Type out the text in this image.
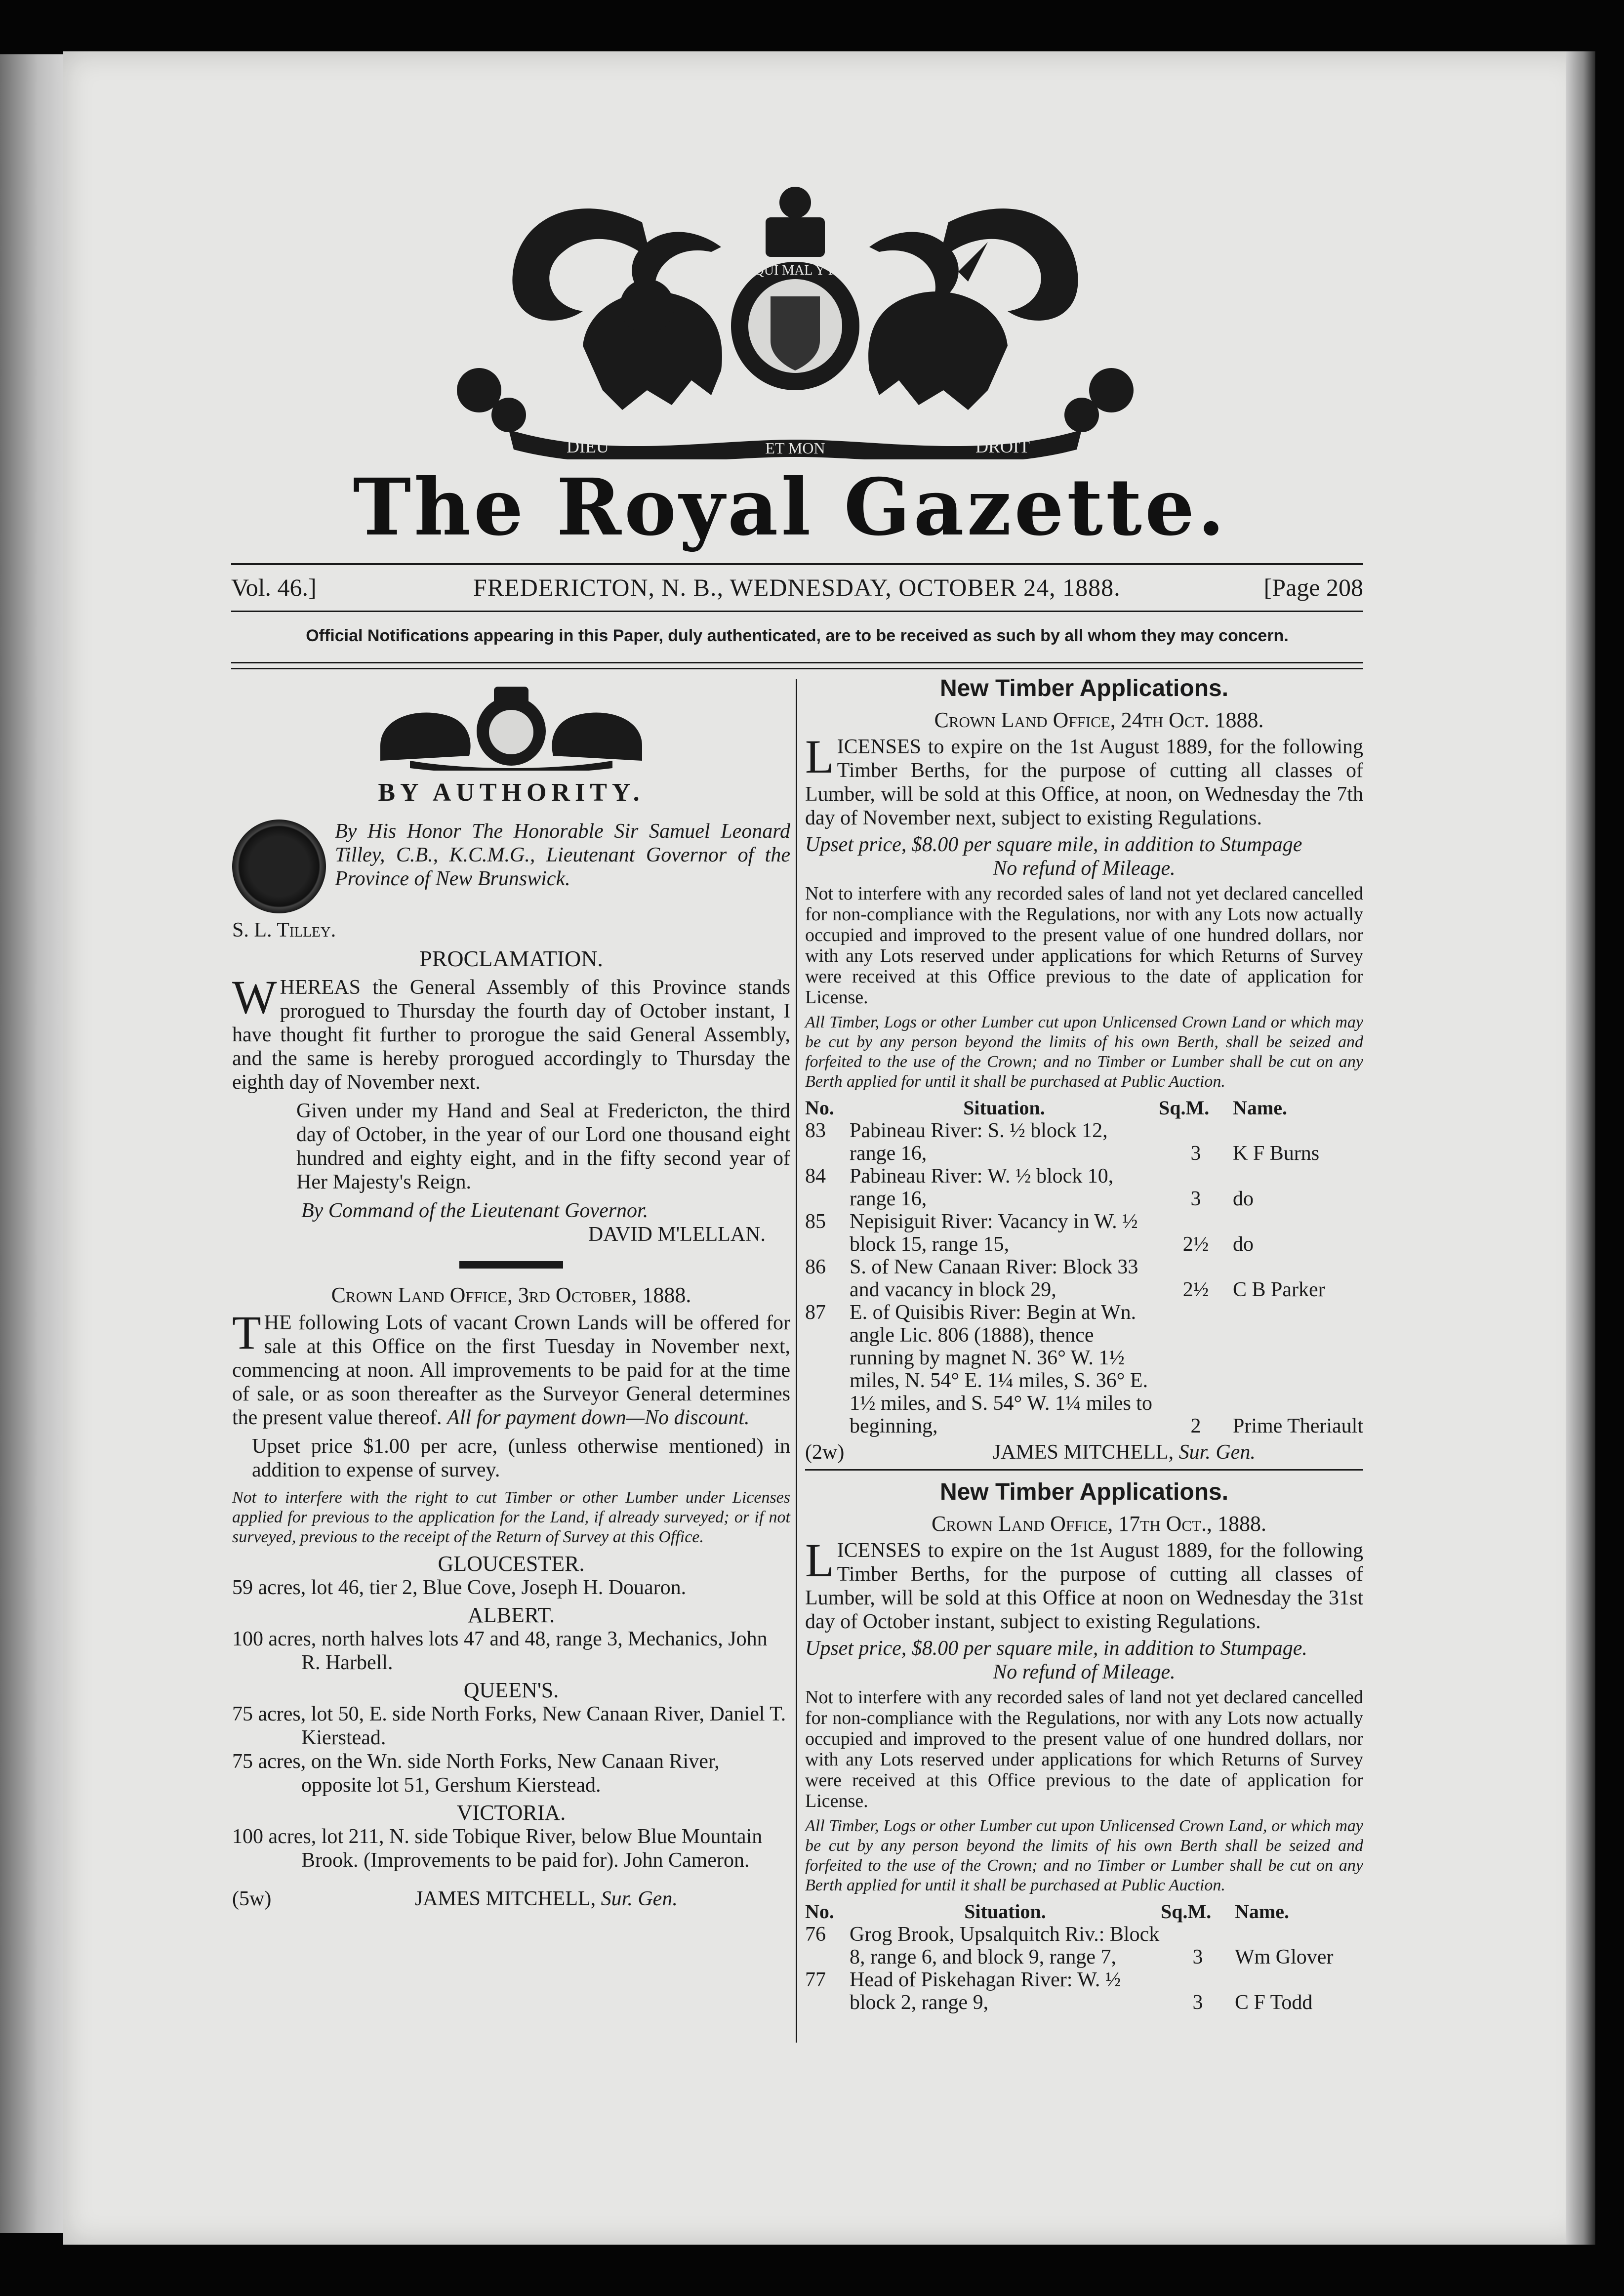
SOIT QUI MAL Y PENSE
DIEU	ET MON	DROIT
The Royal Gazette.
Vol. 46.]	FREDERICTON, N. B., WEDNESDAY, OCTOBER 24, 1888.	[Page 208
Official Notifications appearing in this Paper, duly authenticated, are to be received as such by all whom they may concern.

BY AUTHORITY.

By His Honor The Honorable Sir Samuel Leonard Tilley, C.B., K.C.M.G., Lieutenant Governor of the Province of New Brunswick.

S. L. Tilley.

PROCLAMATION.

WHEREAS the General Assembly of this Province stands prorogued to Thursday the fourth day of October instant, I have thought fit further to prorogue the said General Assembly, and the same is hereby prorogued accordingly to Thursday the eighth day of November next.

Given under my Hand and Seal at Fredericton, the third day of October, in the year of our Lord one thousand eight hundred and eighty eight, and in the fifty second year of Her Majesty's Reign.

By Command of the Lieutenant Governor.

DAVID M'LELLAN.

Crown Land Office, 3rd October, 1888.

THE following Lots of vacant Crown Lands will be offered for sale at this Office on the first Tuesday in November next, commencing at noon. All improvements to be paid for at the time of sale, or as soon thereafter as the Surveyor General determines the present value thereof. All for payment down—No discount.

Upset price $1.00 per acre, (unless otherwise mentioned) in addition to expense of survey.

Not to interfere with the right to cut Timber or other Lumber under Licenses applied for previous to the application for the Land, if already surveyed; or if not surveyed, previous to the receipt of the Return of Survey at this Office.

GLOUCESTER.

59 acres, lot 46, tier 2, Blue Cove, Joseph H. Douaron.

ALBERT.

100 acres, north halves lots 47 and 48, range 3, Mechanics, John R. Harbell.

QUEEN'S.

75 acres, lot 50, E. side North Forks, New Canaan River, Daniel T. Kierstead.

75 acres, on the Wn. side North Forks, New Canaan River, opposite lot 51, Gershum Kierstead.

VICTORIA.

100 acres, lot 211, N. side Tobique River, below Blue Mountain Brook. (Improvements to be paid for). John Cameron.

(5w)	JAMES MITCHELL, Sur. Gen.

New Timber Applications.

Crown Land Office, 24th Oct. 1888.

LICENSES to expire on the 1st August 1889, for the following Timber Berths, for the purpose of cutting all classes of Lumber, will be sold at this Office, at noon, on Wednesday the 7th day of November next, subject to existing Regulations.

Upset price, $8.00 per square mile, in addition to Stumpage

No refund of Mileage.

Not to interfere with any recorded sales of land not yet declared cancelled for non-compliance with the Regulations, nor with any Lots now actually occupied and improved to the present value of one hundred dollars, nor with any Lots reserved under applications for which Returns of Survey were received at this Office previous to the date of application for License.

All Timber, Logs or other Lumber cut upon Unlicensed Crown Land or which may be cut by any person beyond the limits of his own Berth, shall be seized and forfeited to the use of the Crown; and no Timber or Lumber shall be cut on any Berth applied for until it shall be purchased at Public Auction.

No.	Situation.	Sq.M.	Name.
83	Pabineau River: S. ½ block 12, range 16,	3	K F Burns
84	Pabineau River: W. ½ block 10, range 16,	3	do
85	Nepisiguit River: Vacancy in W. ½ block 15, range 15,	2½	do
86	S. of New Canaan River: Block 33 and vacancy in block 29,	2½	C B Parker
87	E. of Quisibis River: Begin at Wn. angle Lic. 806 (1888), thence running by magnet N. 36° W. 1½ miles, N. 54° E. 1¼ miles, S. 36° E. 1½ miles, and S. 54° W. 1¼ miles to beginning,	2	Prime Theriault

(2w)	JAMES MITCHELL, Sur. Gen.

New Timber Applications.

Crown Land Office, 17th Oct., 1888.

LICENSES to expire on the 1st August 1889, for the following Timber Berths, for the purpose of cutting all classes of Lumber, will be sold at this Office at noon on Wednesday the 31st day of October instant, subject to existing Regulations.

Upset price, $8.00 per square mile, in addition to Stumpage.

No refund of Mileage.

Not to interfere with any recorded sales of land not yet declared cancelled for non-compliance with the Regulations, nor with any Lots now actually occupied and improved to the present value of one hundred dollars, nor with any Lots reserved under applications for which Returns of Survey were received at this Office previous to the date of application for License.

All Timber, Logs or other Lumber cut upon Unlicensed Crown Land, or which may be cut by any person beyond the limits of his own Berth shall be seized and forfeited to the use of the Crown; and no Timber or Lumber shall be cut on any Berth applied for until it shall be purchased at Public Auction.

No.	Situation.	Sq.M.	Name.
76	Grog Brook, Upsalquitch Riv.: Block 8, range 6, and block 9, range 7,	3	Wm Glover
77	Head of Piskehagan River: W. ½ block 2, range 9,	3	C F Todd
